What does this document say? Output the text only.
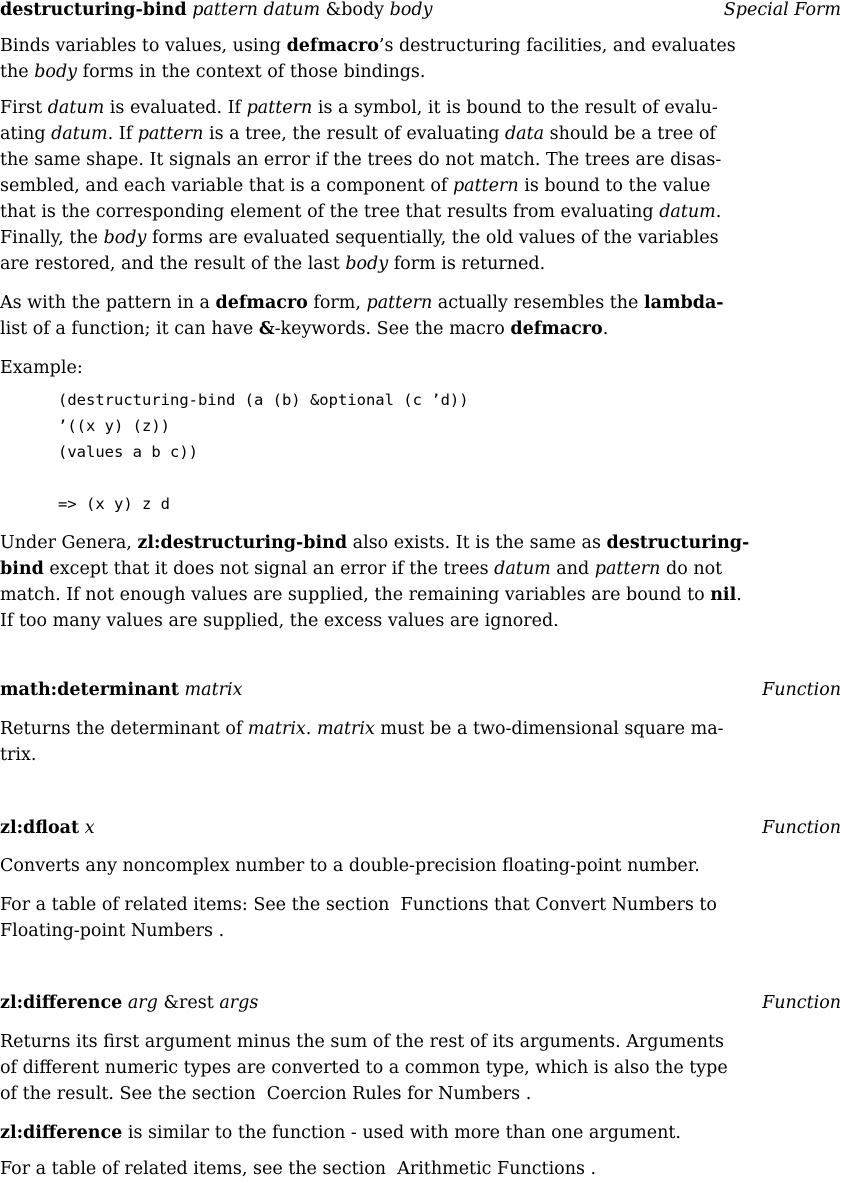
destructuring-bind pattern datum &body body	Special Form
Binds variables to values, using defmacro’s destructuring facilities, and evaluates
the body forms in the context of those bindings.
First datum is evaluated. If pattern is a symbol, it is bound to the result of evalu-
ating datum. If pattern is a tree, the result of evaluating data should be a tree of
the same shape. It signals an error if the trees do not match. The trees are disas-
sembled, and each variable that is a component of pattern is bound to the value
that is the corresponding element of the tree that results from evaluating datum.
Finally, the body forms are evaluated sequentially, the old values of the variables
are restored, and the result of the last body form is returned.
As with the pattern in a defmacro form, pattern actually resembles the lambda-
list of a function; it can have &-keywords. See the macro defmacro.
Example:
(destructuring-bind (a (b) &optional (c ’d))
’((x y) (z))
(values a b c))

=> (x y) z d
Under Genera, zl:destructuring-bind also exists. It is the same as destructuring-
bind except that it does not signal an error if the trees datum and pattern do not
match. If not enough values are supplied, the remaining variables are bound to nil.
If too many values are supplied, the excess values are ignored.
math:determinant matrix	Function
Returns the determinant of matrix. matrix must be a two-dimensional square ma-
trix.
zl:dfloat x	Function
Converts any noncomplex number to a double-precision floating-point number.
For a table of related items: See the section  Functions that Convert Numbers to
Floating-point Numbers .
zl:difference arg &rest args	Function
Returns its first argument minus the sum of the rest of its arguments. Arguments
of different numeric types are converted to a common type, which is also the type
of the result. See the section  Coercion Rules for Numbers .
zl:difference is similar to the function - used with more than one argument.
For a table of related items, see the section  Arithmetic Functions .
